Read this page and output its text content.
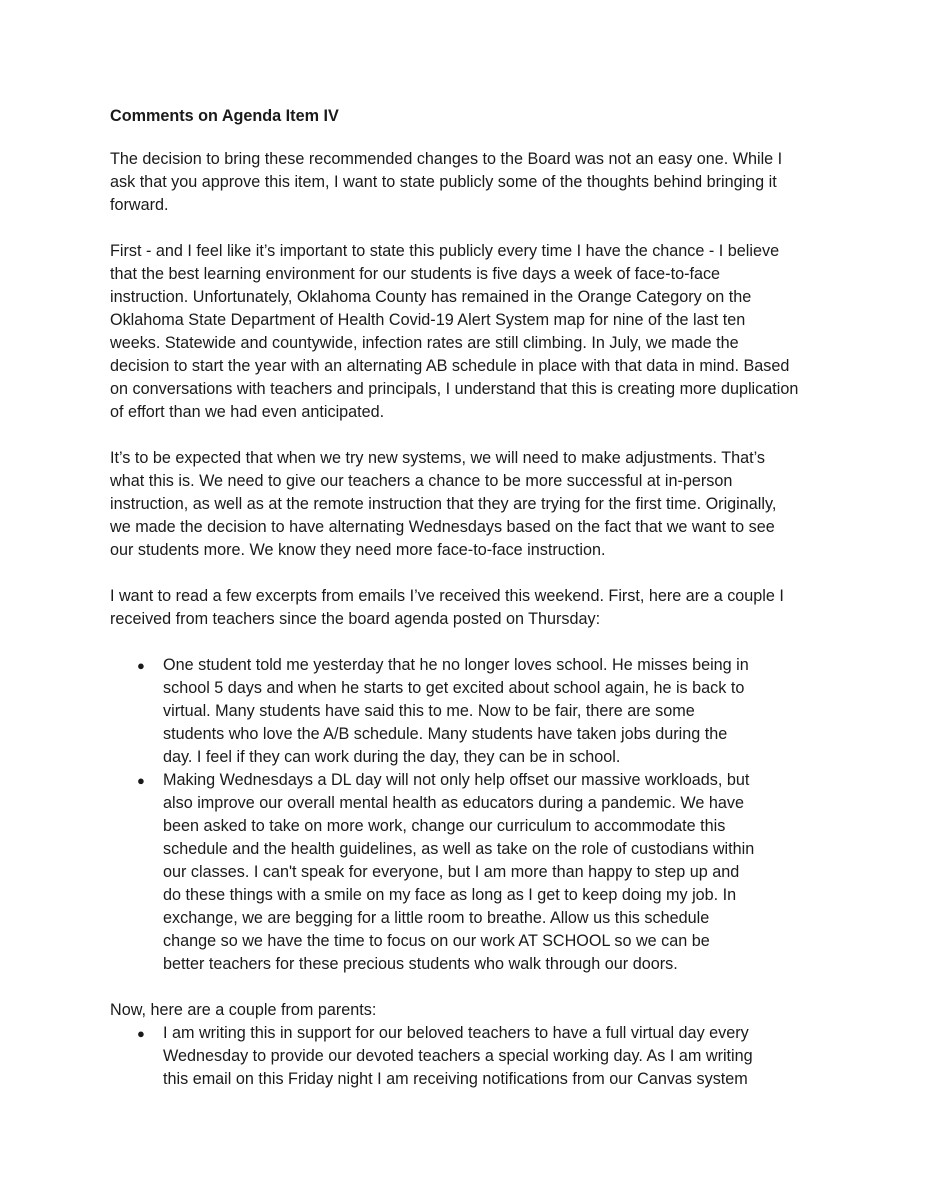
Comments on Agenda Item IV
The decision to bring these recommended changes to the Board was not an easy one. While I
ask that you approve this item, I want to state publicly some of the thoughts behind bringing it
forward.
First - and I feel like it’s important to state this publicly every time I have the chance - I believe
that the best learning environment for our students is five days a week of face-to-face
instruction. Unfortunately, Oklahoma County has remained in the Orange Category on the
Oklahoma State Department of Health Covid-19 Alert System map for nine of the last ten
weeks. Statewide and countywide, infection rates are still climbing. In July, we made the
decision to start the year with an alternating AB schedule in place with that data in mind. Based
on conversations with teachers and principals, I understand that this is creating more duplication
of effort than we had even anticipated.
It’s to be expected that when we try new systems, we will need to make adjustments. That’s
what this is. We need to give our teachers a chance to be more successful at in-person
instruction, as well as at the remote instruction that they are trying for the first time. Originally,
we made the decision to have alternating Wednesdays based on the fact that we want to see
our students more. We know they need more face-to-face instruction.
I want to read a few excerpts from emails I’ve received this weekend. First, here are a couple I
received from teachers since the board agenda posted on Thursday:
● One student told me yesterday that he no longer loves school. He misses being in
school 5 days and when he starts to get excited about school again, he is back to
virtual. Many students have said this to me. Now to be fair, there are some
students who love the A/B schedule. Many students have taken jobs during the
day. I feel if they can work during the day, they can be in school.
● Making Wednesdays a DL day will not only help offset our massive workloads, but
also improve our overall mental health as educators during a pandemic. We have
been asked to take on more work, change our curriculum to accommodate this
schedule and the health guidelines, as well as take on the role of custodians within
our classes. I can't speak for everyone, but I am more than happy to step up and
do these things with a smile on my face as long as I get to keep doing my job. In
exchange, we are begging for a little room to breathe. Allow us this schedule
change so we have the time to focus on our work AT SCHOOL so we can be
better teachers for these precious students who walk through our doors.
Now, here are a couple from parents:
● I am writing this in support for our beloved teachers to have a full virtual day every
Wednesday to provide our devoted teachers a special working day. As I am writing
this email on this Friday night I am receiving notifications from our Canvas system
